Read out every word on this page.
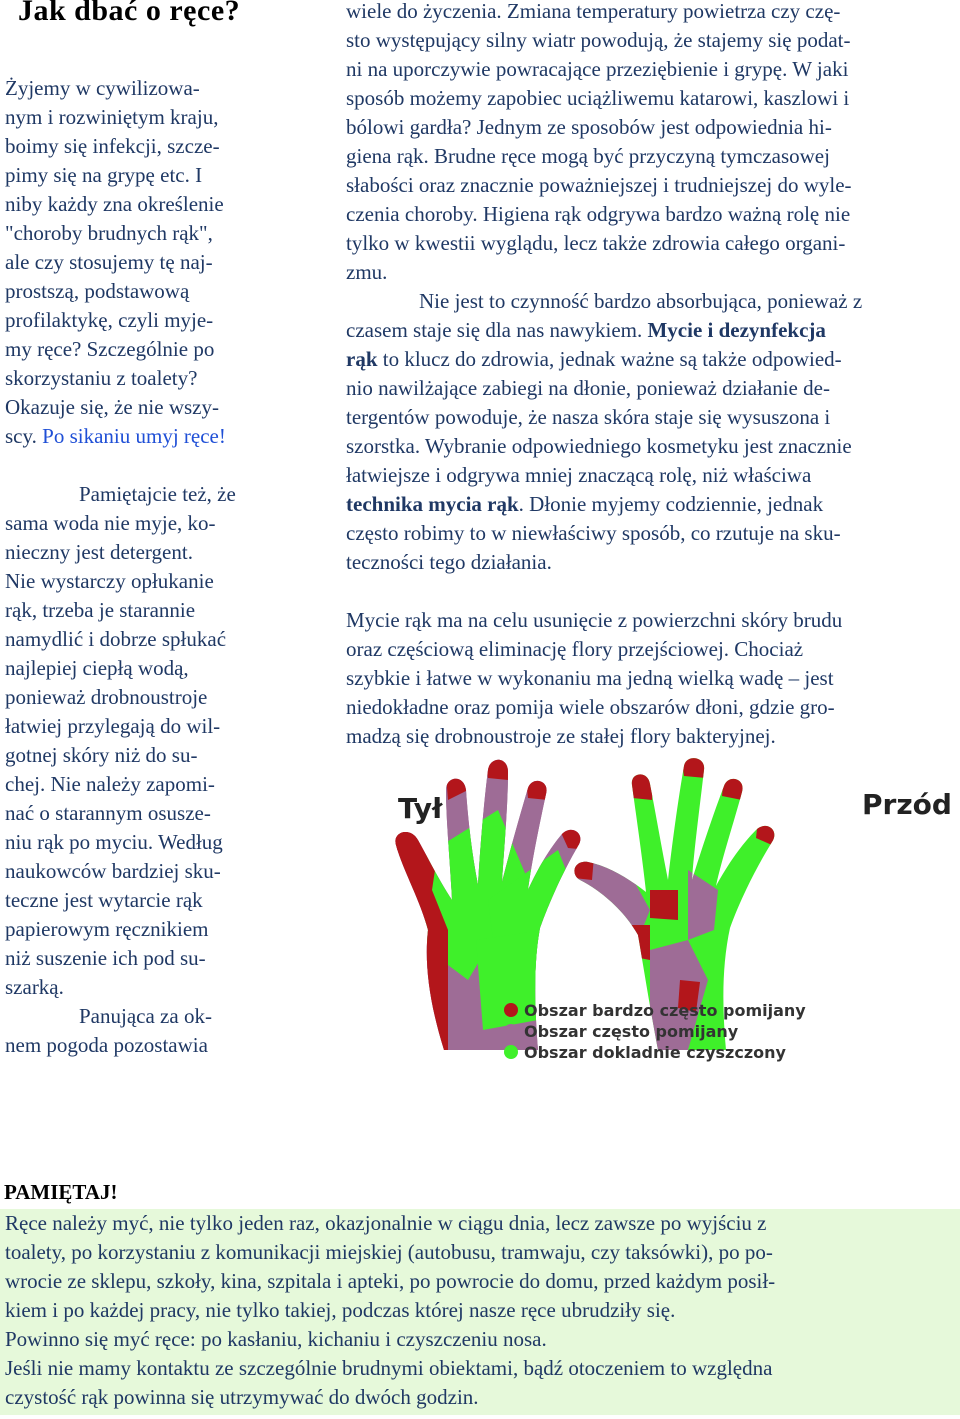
Jak dbać o ręce?

Żyjemy w cywilizowa-

nym i rozwiniętym kraju,

boimy się infekcji, szcze-

pimy się na grypę etc. I

niby każdy zna określenie

"choroby brudnych rąk",

ale czy stosujemy tę naj-

prostszą, podstawową

profilaktykę, czyli myje-

my ręce? Szczególnie po

skorzystaniu z toalety?

Okazuje się, że nie wszy-

scy. Po sikaniu umyj ręce!

Pamiętajcie też, że

sama woda nie myje, ko-

nieczny jest detergent.

Nie wystarczy opłukanie

rąk, trzeba je starannie

namydlić i dobrze spłukać

najlepiej ciepłą wodą,

ponieważ drobnoustroje

łatwiej przylegają do wil-

gotnej skóry niż do su-

chej. Nie należy zapomi-

nać o starannym osusze-

niu rąk po myciu. Według

naukowców bardziej sku-

teczne jest wytarcie rąk

papierowym ręcznikiem

niż suszenie ich pod su-

szarką.

Panująca za ok-

nem pogoda pozostawia

wiele do życzenia. Zmiana temperatury powietrza czy czę-

sto występujący silny wiatr powodują, że stajemy się podat-

ni na uporczywie powracające przeziębienie i grypę. W jaki

sposób możemy zapobiec uciążliwemu katarowi, kaszlowi i

bólowi gardła? Jednym ze sposobów jest odpowiednia hi-

giena rąk. Brudne ręce mogą być przyczyną tymczasowej

słabości oraz znacznie poważniejszej i trudniejszej do wyle-

czenia choroby. Higiena rąk odgrywa bardzo ważną rolę nie

tylko w kwestii wyglądu, lecz także zdrowia całego organi-

zmu.

Nie jest to czynność bardzo absorbująca, ponieważ z

czasem staje się dla nas nawykiem. Mycie i dezynfekcja

rąk to klucz do zdrowia, jednak ważne są także odpowied-

nio nawilżające zabiegi na dłonie, ponieważ działanie de-

tergentów powoduje, że nasza skóra staje się wysuszona i

szorstka. Wybranie odpowiedniego kosmetyku jest znacznie

łatwiejsze i odgrywa mniej znaczącą rolę, niż właściwa

technika mycia rąk. Dłonie myjemy codziennie, jednak

często robimy to w niewłaściwy sposób, co rzutuje na sku-

teczności tego działania.

Mycie rąk ma na celu usunięcie z powierzchni skóry brudu

oraz częściową eliminację flory przejściowej. Chociaż

szybkie i łatwe w wykonaniu ma jedną wielką wadę – jest

niedokładne oraz pomija wiele obszarów dłoni, gdzie gro-

madzą się drobnoustroje ze stałej flory bakteryjnej.

Tył	Przód
Obszar bardzo często pomijany
Obszar często pomijany
Obszar dokladnie czyszczony

PAMIĘTAJ!

Ręce należy myć, nie tylko jeden raz, okazjonalnie w ciągu dnia, lecz zawsze po wyjściu z

toalety, po korzystaniu z komunikacji miejskiej (autobusu, tramwaju, czy taksówki), po po-

wrocie ze sklepu, szkoły, kina, szpitala i apteki, po powrocie do domu, przed każdym posił-

kiem i po każdej pracy, nie tylko takiej, podczas której nasze ręce ubrudziły się.

Powinno się myć ręce: po kasłaniu, kichaniu i czyszczeniu nosa.

Jeśli nie mamy kontaktu ze szczególnie brudnymi obiektami, bądź otoczeniem to względna

czystość rąk powinna się utrzymywać do dwóch godzin.
